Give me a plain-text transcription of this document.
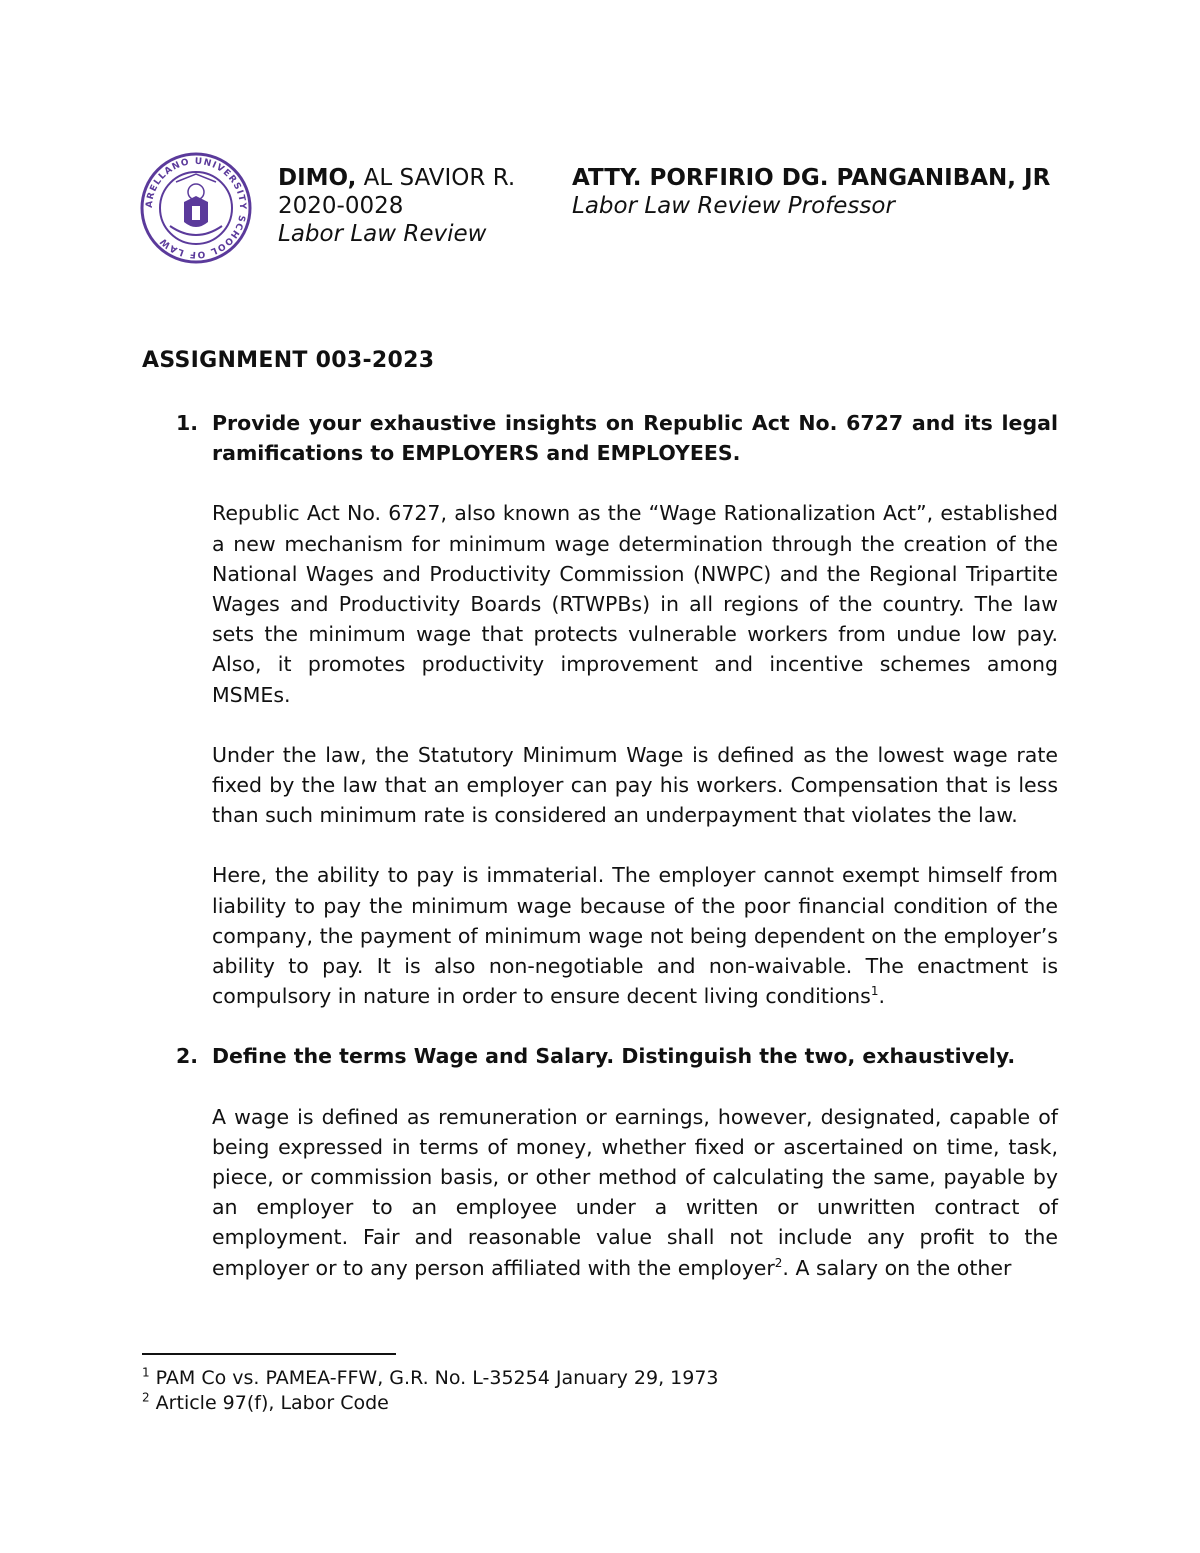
ARELLANO UNIVERSITY SCHOOL OF LAW
DIMO, AL SAVIOR R.
2020-0028
Labor Law Review
ATTY. PORFIRIO DG. PANGANIBAN, JR
Labor Law Review Professor
ASSIGNMENT 003-2023
1. Provide your exhaustive insights on Republic Act No. 6727 and its legal ramifications to EMPLOYERS and EMPLOYEES.
Republic Act No. 6727, also known as the “Wage Rationalization Act”, established a new mechanism for minimum wage determination through the creation of the National Wages and Productivity Commission (NWPC) and the Regional Tripartite Wages and Productivity Boards (RTWPBs) in all regions of the country. The law sets the minimum wage that protects vulnerable workers from undue low pay. Also, it promotes productivity improvement and incentive schemes among MSMEs.
Under the law, the Statutory Minimum Wage is defined as the lowest wage rate fixed by the law that an employer can pay his workers. Compensation that is less than such minimum rate is considered an underpayment that violates the law.
Here, the ability to pay is immaterial. The employer cannot exempt himself from liability to pay the minimum wage because of the poor financial condition of the company, the payment of minimum wage not being dependent on the employer’s ability to pay. It is also non-negotiable and non-waivable. The enactment is compulsory in nature in order to ensure decent living conditions$^1$.
2. Define the terms Wage and Salary. Distinguish the two, exhaustively.
A wage is defined as remuneration or earnings, however, designated, capable of being expressed in terms of money, whether fixed or ascertained on time, task, piece, or commission basis, or other method of calculating the same, payable by an employer to an employee under a written or unwritten contract of employment. Fair and reasonable value shall not include any profit to the employer or to any person affiliated with the employer$^2$. A salary on the other
$^1$ PAM Co vs. PAMEA-FFW, G.R. No. L-35254 January 29, 1973
$^2$ Article 97(f), Labor Code
